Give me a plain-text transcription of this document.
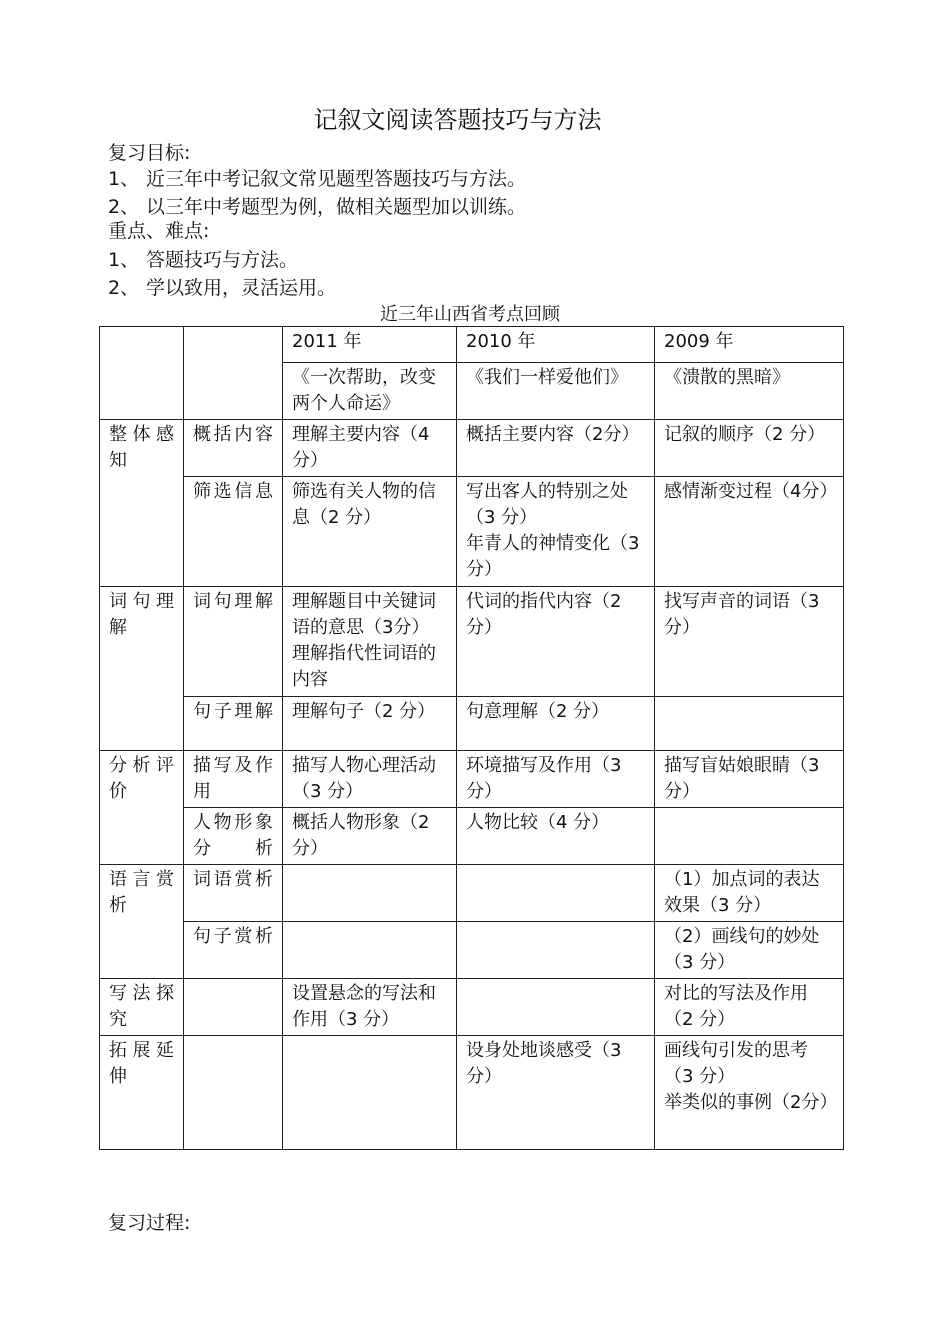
记叙文阅读答题技巧与方法
复习目标:
1、 近三年中考记叙文常见题型答题技巧与方法。
2、 以三年中考题型为例，做相关题型加以训练。
重点、难点:
1、 答题技巧与方法。
2、 学以致用，灵活运用。
近三年山西省考点回顾
		2011 年	2010 年	2009 年
		《一次帮助，改变两个人命运》	《我们一样爱他们》	《溃散的黑暗》
整体感知	概括内容	理解主要内容（4分）	概括主要内容（2分）	记叙的顺序（2 分）
	筛选信息	筛选有关人物的信息（2 分）	写出客人的特别之处（3 分）
年青人的神情变化（3 分）	感情渐变过程（4分）
词句理解	词句理解	理解题目中关键词语的意思（3分）理解指代性词语的内容	代词的指代内容（2 分）	找写声音的词语（3 分）
	句子理解	理解句子（2 分）	句意理解（2 分）	
分析评价	描写及作用	描写人物心理活动（3 分）	环境描写及作用（3分）	描写盲姑娘眼睛（3 分）
	人物形象分析	概括人物形象（2分）	人物比较（4 分）	
语言赏析	词语赏析			（1）加点词的表达效果（3 分）
	句子赏析			（2）画线句的妙处（3 分）
写法探究		设置悬念的写法和作用（3 分）		对比的写法及作用（2 分）
拓展延伸			设身处地谈感受（3分）	画线句引发的思考（3 分）
举类似的事例（2分）
复习过程:
